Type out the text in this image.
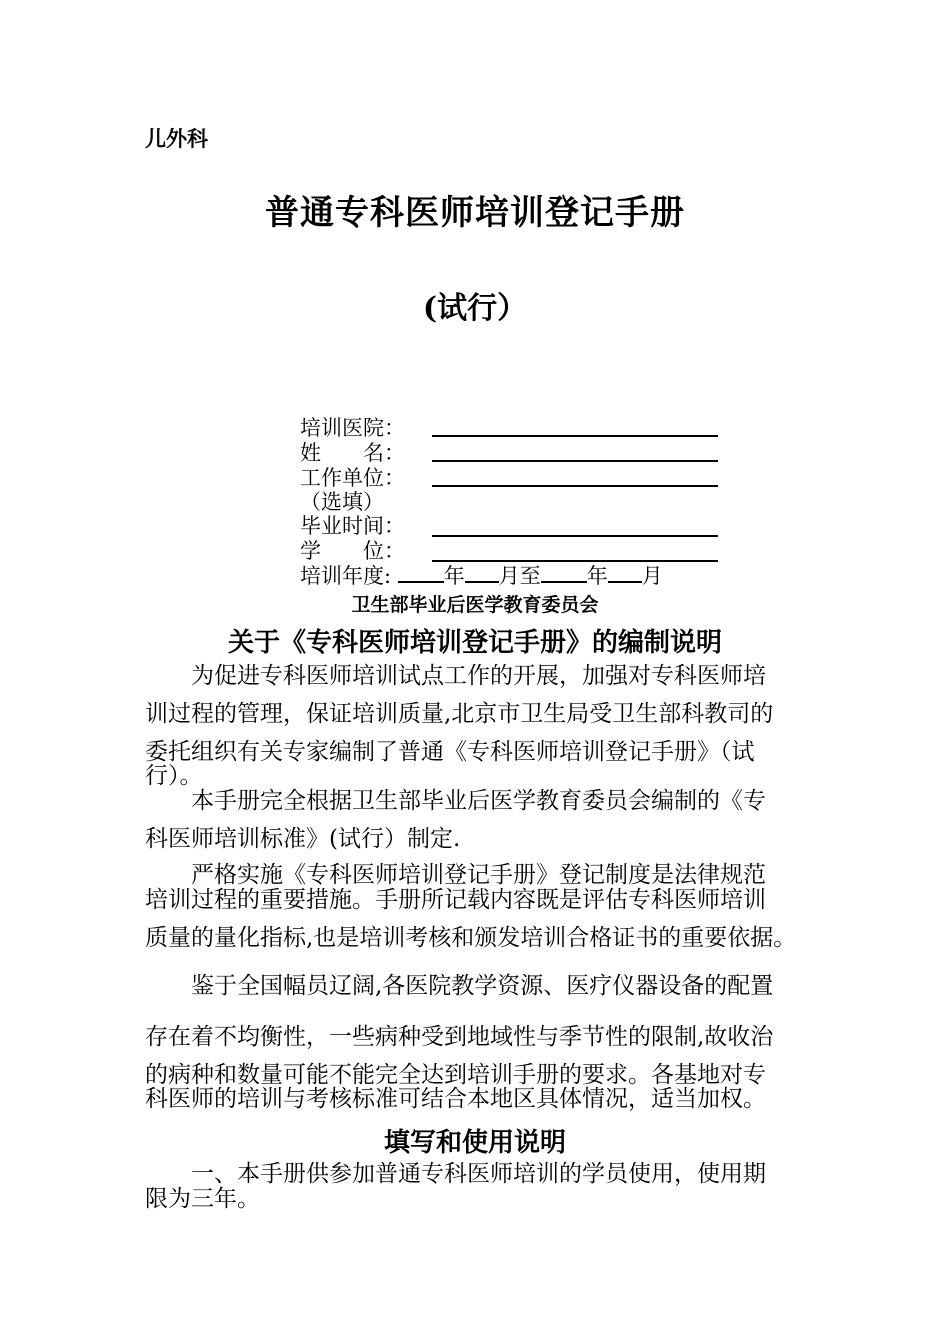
儿外科
普通专科医师培训登记手册
(试行）
培训医院：
姓　　名：
工作单位：
（选填）
毕业时间：
学　　位：
培训年度:	年 月至 年 月
卫生部毕业后医学教育委员会
关于《专科医师培训登记手册》的编制说明
　　为促进专科医师培训试点工作的开展，加强对专科医师培
训过程的管理，保证培训质量,北京市卫生局受卫生部科教司的
委托组织有关专家编制了普通《专科医师培训登记手册》（试
行）。
　　本手册完全根据卫生部毕业后医学教育委员会编制的《专
科医师培训标准》(试行）制定.
　　严格实施《专科医师培训登记手册》登记制度是法律规范
培训过程的重要措施。手册所记载内容既是评估专科医师培训
质量的量化指标,也是培训考核和颁发培训合格证书的重要依据。
　　鉴于全国幅员辽阔,各医院教学资源、医疗仪器设备的配置
存在着不均衡性，一些病种受到地域性与季节性的限制,故收治
的病种和数量可能不能完全达到培训手册的要求。各基地对专
科医师的培训与考核标准可结合本地区具体情况，适当加权。
填写和使用说明
　　一、本手册供参加普通专科医师培训的学员使用，使用期
限为三年。
